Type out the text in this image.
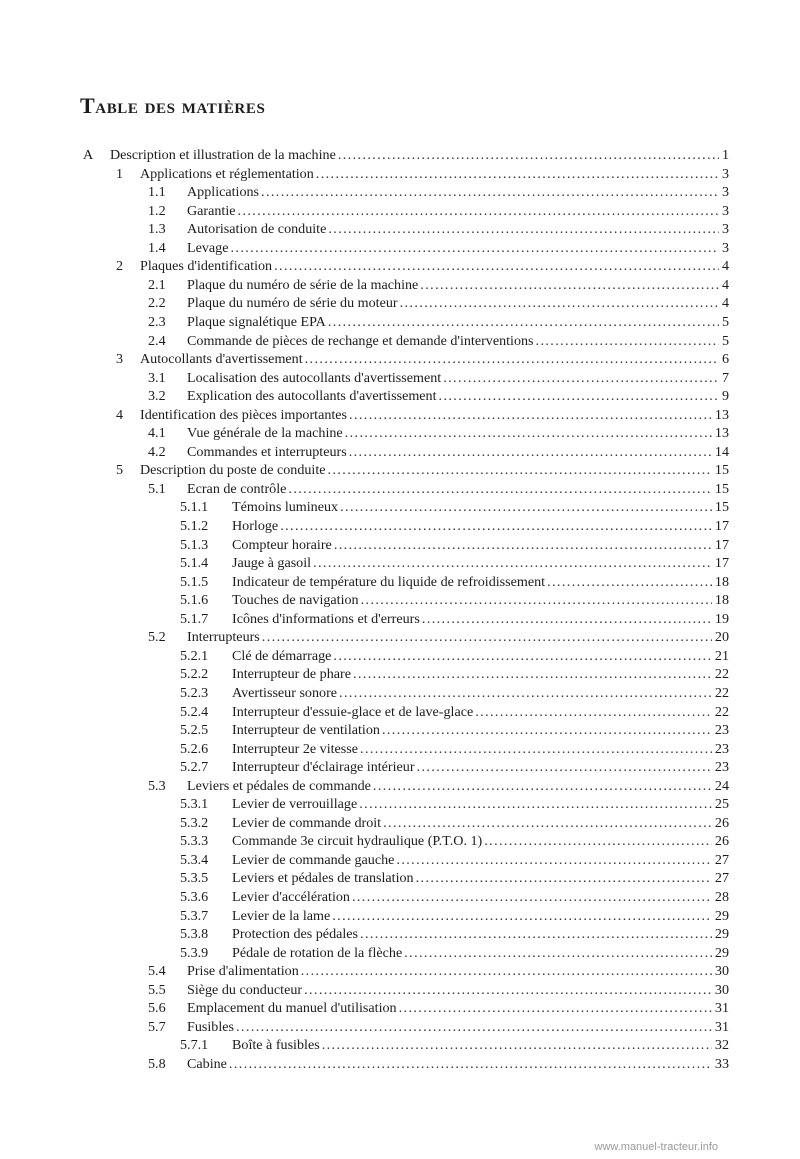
Table des matières
A	Description et illustration de la machine .....	1
1	Applications et réglementation .....	3
1.1	Applications .....	3
1.2	Garantie .....	3
1.3	Autorisation de conduite .....	3
1.4	Levage .....	3
2	Plaques d'identification .....	4
2.1	Plaque du numéro de série de la machine .....	4
2.2	Plaque du numéro de série du moteur .....	4
2.3	Plaque signalétique EPA .....	5
2.4	Commande de pièces de rechange et demande d'interventions .....	5
3	Autocollants d'avertissement .....	6
3.1	Localisation des autocollants d'avertissement .....	7
3.2	Explication des autocollants d'avertissement .....	9
4	Identification des pièces importantes .....	13
4.1	Vue générale de la machine .....	13
4.2	Commandes et interrupteurs .....	14
5	Description du poste de conduite .....	15
5.1	Ecran de contrôle .....	15
5.1.1	Témoins lumineux .....	15
5.1.2	Horloge .....	17
5.1.3	Compteur horaire .....	17
5.1.4	Jauge à gasoil .....	17
5.1.5	Indicateur de température du liquide de refroidissement .....	18
5.1.6	Touches de navigation .....	18
5.1.7	Icônes d'informations et d'erreurs .....	19
5.2	Interrupteurs .....	20
5.2.1	Clé de démarrage .....	21
5.2.2	Interrupteur de phare .....	22
5.2.3	Avertisseur sonore .....	22
5.2.4	Interrupteur d'essuie-glace et de lave-glace .....	22
5.2.5	Interrupteur de ventilation .....	23
5.2.6	Interrupteur 2e vitesse .....	23
5.2.7	Interrupteur d'éclairage intérieur .....	23
5.3	Leviers et pédales de commande .....	24
5.3.1	Levier de verrouillage .....	25
5.3.2	Levier de commande droit .....	26
5.3.3	Commande 3e circuit hydraulique (P.T.O. 1) .....	26
5.3.4	Levier de commande gauche .....	27
5.3.5	Leviers et pédales de translation .....	27
5.3.6	Levier d'accélération .....	28
5.3.7	Levier de la lame .....	29
5.3.8	Protection des pédales .....	29
5.3.9	Pédale de rotation de la flèche .....	29
5.4	Prise d'alimentation .....	30
5.5	Siège du conducteur .....	30
5.6	Emplacement du manuel d'utilisation .....	31
5.7	Fusibles .....	31
5.7.1	Boîte à fusibles .....	32
5.8	Cabine .....	33
www.manuel-tracteur.info
